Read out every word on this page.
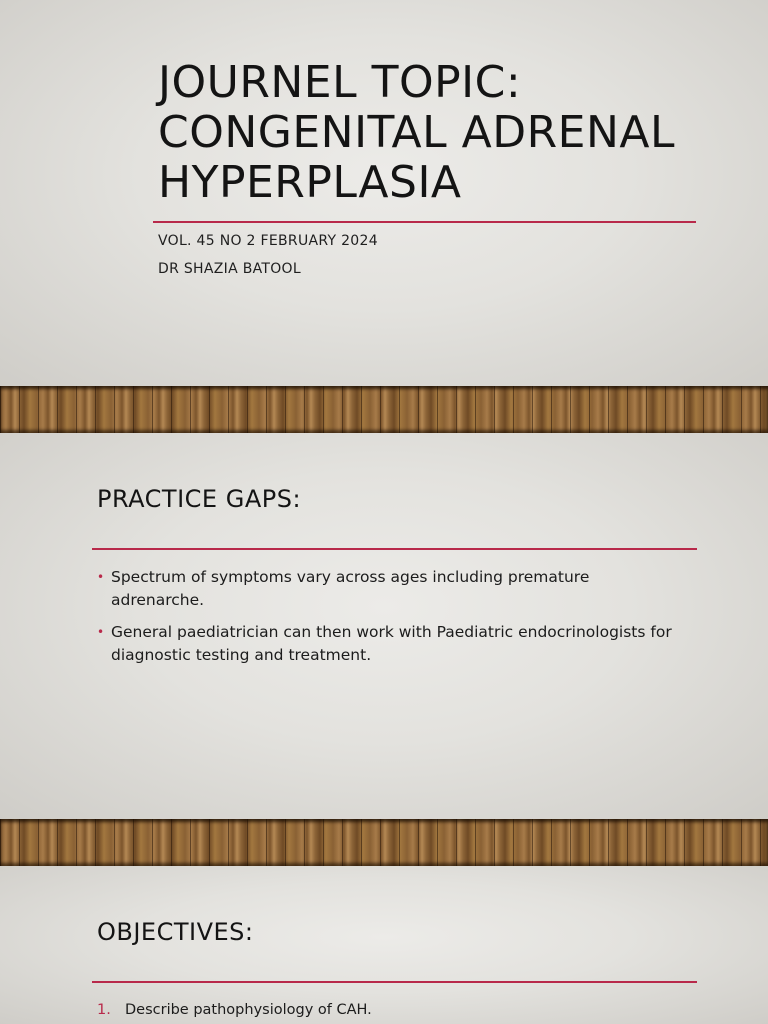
JOURNEL TOPIC: CONGENITAL ADRENAL HYPERPLASIA
VOL. 45 NO 2 FEBRUARY 2024
DR SHAZIA BATOOL
PRACTICE GAPS:
• Spectrum of symptoms vary across ages including premature adrenarche.
• General paediatrician can then work with Paediatric endocrinologists for diagnostic testing and treatment.
OBJECTIVES:
1. Describe pathophysiology of CAH.
